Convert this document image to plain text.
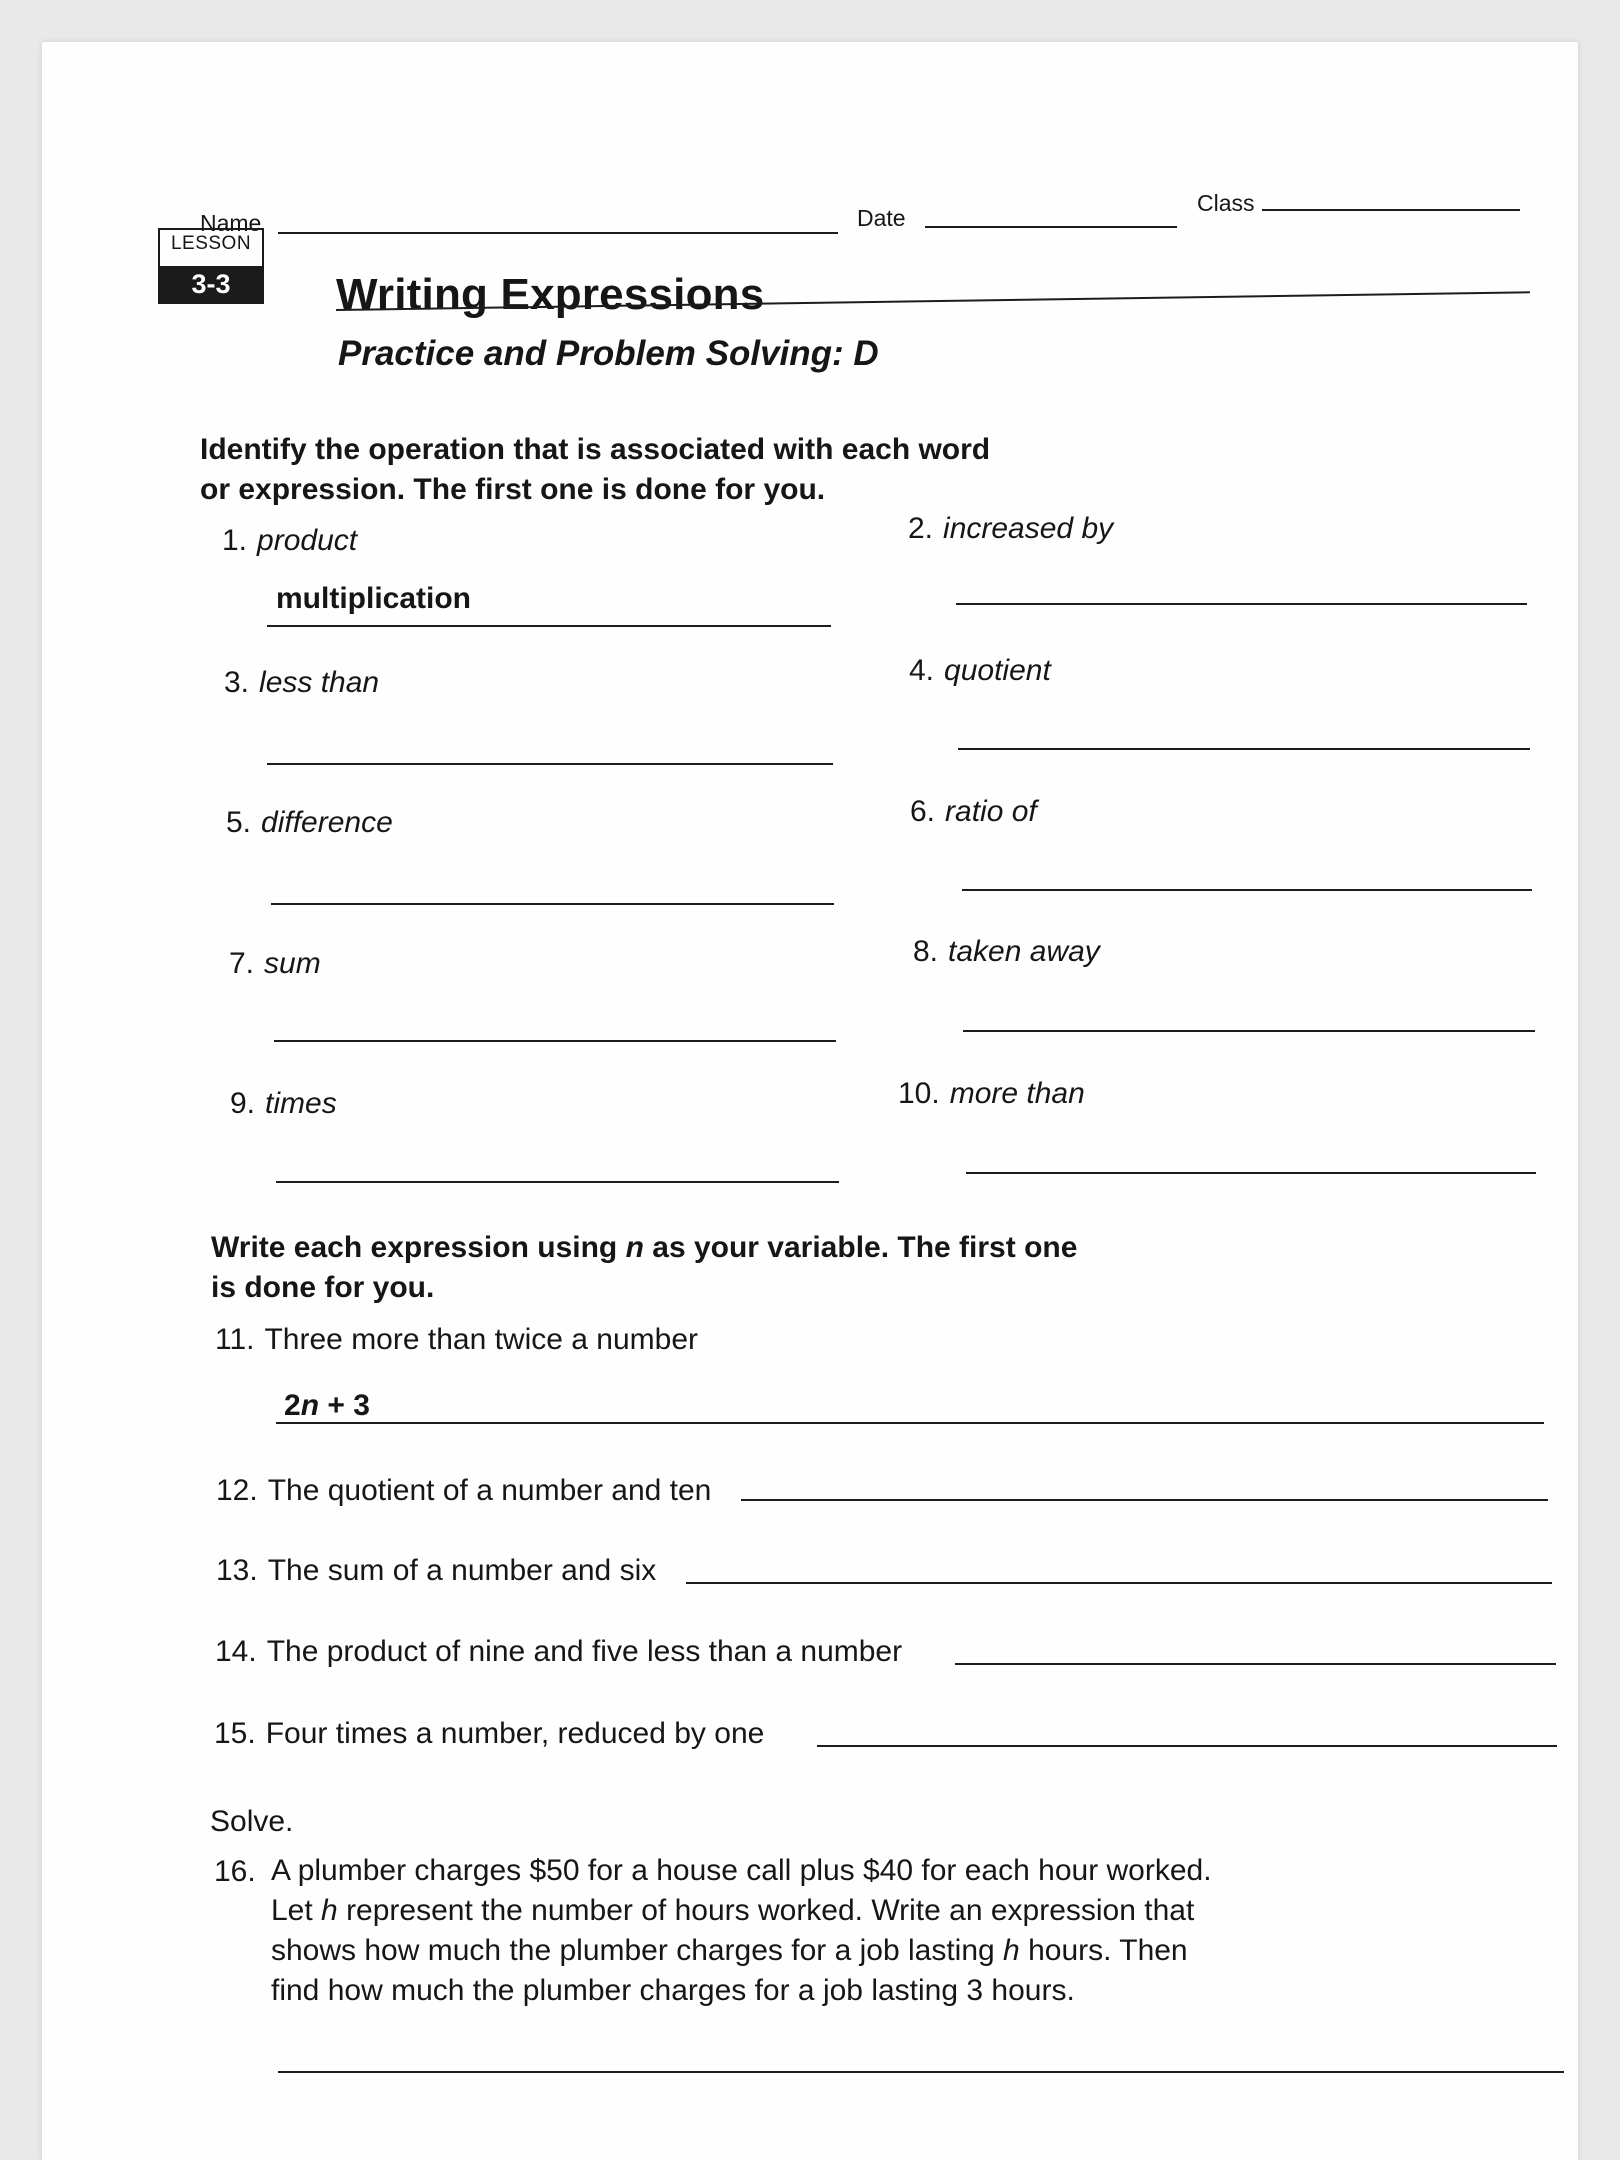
Name	Date
Class
LESSON
3-3	Writing Expressions
Practice and Problem Solving: D
Identify the operation that is associated with each word
or expression. The first one is done for you.
1. product
multiplication
3. less than
5. difference
7. sum
9. times
2. increased by
4. quotient
6. ratio of
8. taken away
10. more than
Write each expression using n as your variable. The first one
is done for you.
11. Three more than twice a number
2n + 3
12. The quotient of a number and ten
13. The sum of a number and six
14. The product of nine and five less than a number
15. Four times a number, reduced by one
Solve.
16. A plumber charges $50 for a house call plus $40 for each hour worked.
Let h represent the number of hours worked. Write an expression that
shows how much the plumber charges for a job lasting h hours. Then
find how much the plumber charges for a job lasting 3 hours.
